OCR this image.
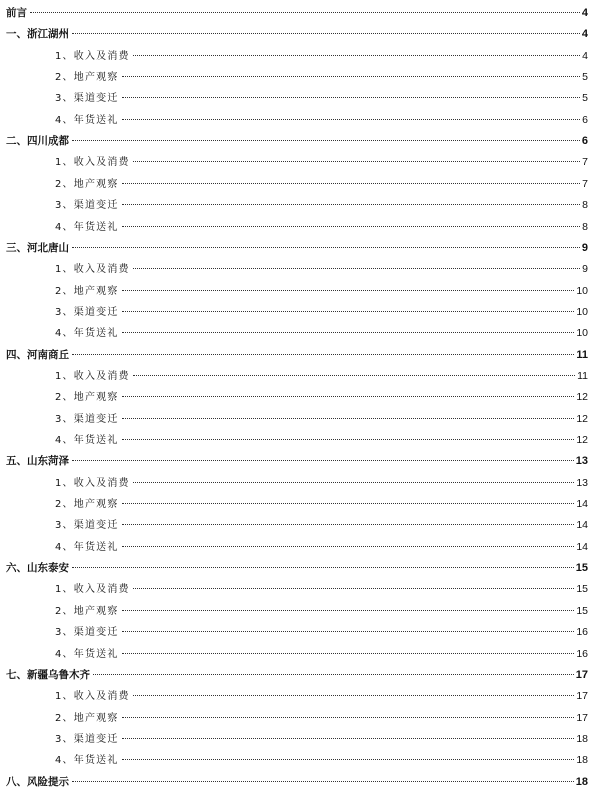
前言	4
一、浙江湖州	4
1、收入及消费	4
2、地产观察	5
3、渠道变迁	5
4、年货送礼	6
二、四川成都	6
1、收入及消费	7
2、地产观察	7
3、渠道变迁	8
4、年货送礼	8
三、河北唐山	9
1、收入及消费	9
2、地产观察	10
3、渠道变迁	10
4、年货送礼	10
四、河南商丘	11
1、收入及消费	11
2、地产观察	12
3、渠道变迁	12
4、年货送礼	12
五、山东菏泽	13
1、收入及消费	13
2、地产观察	14
3、渠道变迁	14
4、年货送礼	14
六、山东泰安	15
1、收入及消费	15
2、地产观察	15
3、渠道变迁	16
4、年货送礼	16
七、新疆乌鲁木齐	17
1、收入及消费	17
2、地产观察	17
3、渠道变迁	18
4、年货送礼	18
八、风险提示	18
